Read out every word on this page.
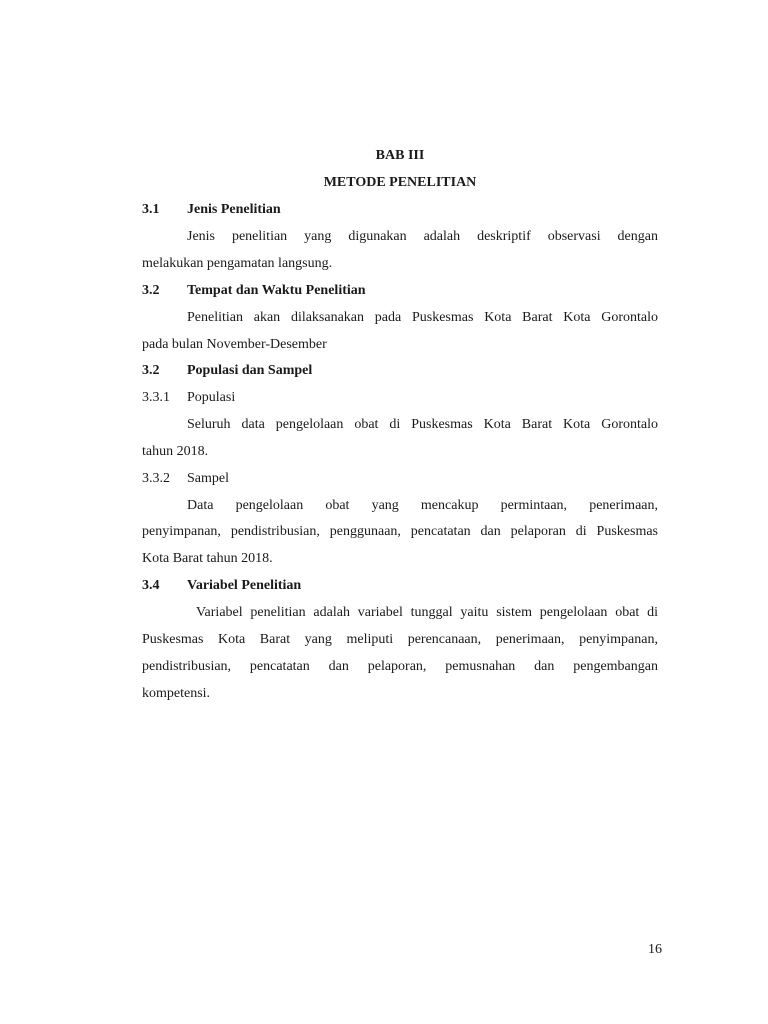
BAB III
METODE PENELITIAN
3.1 Jenis Penelitian
Jenis penelitian yang digunakan adalah deskriptif observasi dengan
melakukan pengamatan langsung.
3.2 Tempat dan Waktu Penelitian
Penelitian akan dilaksanakan pada Puskesmas Kota Barat Kota Gorontalo
pada bulan November-Desember
3.2 Populasi dan Sampel
3.3.1 Populasi
Seluruh data pengelolaan obat di Puskesmas Kota Barat Kota Gorontalo
tahun 2018.
3.3.2 Sampel
Data pengelolaan obat yang mencakup permintaan, penerimaan,
penyimpanan, pendistribusian, penggunaan, pencatatan dan pelaporan di Puskesmas
Kota Barat tahun 2018.
3.4 Variabel Penelitian
Variabel penelitian adalah variabel tunggal yaitu sistem pengelolaan obat di
Puskesmas Kota Barat yang meliputi perencanaan, penerimaan, penyimpanan,
pendistribusian, pencatatan dan pelaporan, pemusnahan dan pengembangan
kompetensi.
16
